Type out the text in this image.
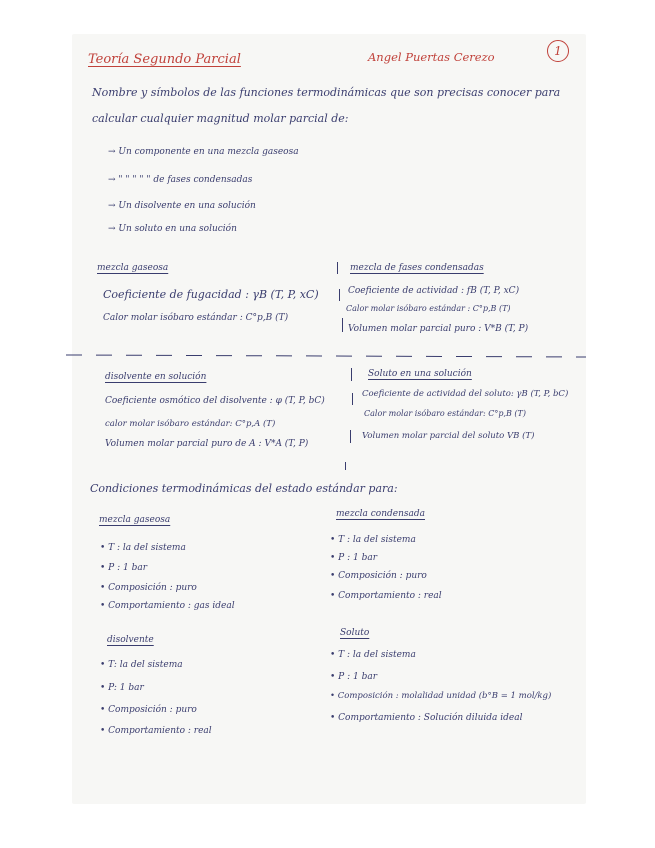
Teoría Segundo Parcial	Angel Puertas Cerezo	1
Nombre y símbolos de las funciones termodinámicas que son precisas conocer para
calcular cualquier magnitud molar parcial de:
→ Un componente en una mezcla gaseosa
→ " " " " " de fases condensadas
→ Un disolvente en una solución
→ Un soluto en una solución
mezcla gaseosa
Coeficiente de fugacidad : γB (T, P, xC)
Calor molar isóbaro estándar : C°p,B (T)
mezcla de fases condensadas
Coeficiente de actividad : fB (T, P, xC)
Calor molar isóbaro estándar : C°p,B (T)
Volumen molar parcial puro : V*B (T, P)
disolvente en solución
Coeficiente osmótico del disolvente : φ (T, P, bC)
calor molar isóbaro estándar: C°p,A (T)
Volumen molar parcial puro de A : V*A (T, P)
Soluto en una solución
Coeficiente de actividad del soluto: γB (T, P, bC)
Calor molar isóbaro estándar: C°p,B (T)
Volumen molar parcial del soluto VB (T)
Condiciones termodinámicas del estado estándar para:
mezcla gaseosa
• T : la del sistema
• P : 1 bar
• Composición : puro
• Comportamiento : gas ideal
mezcla condensada
• T : la del sistema
• P : 1 bar
• Composición : puro
• Comportamiento : real
disolvente
• T: la del sistema
• P: 1 bar
• Composición : puro
• Comportamiento : real
Soluto
• T : la del sistema
• P : 1 bar
• Composición : molalidad unidad (b°B = 1 mol/kg)
• Comportamiento : Solución diluida ideal
